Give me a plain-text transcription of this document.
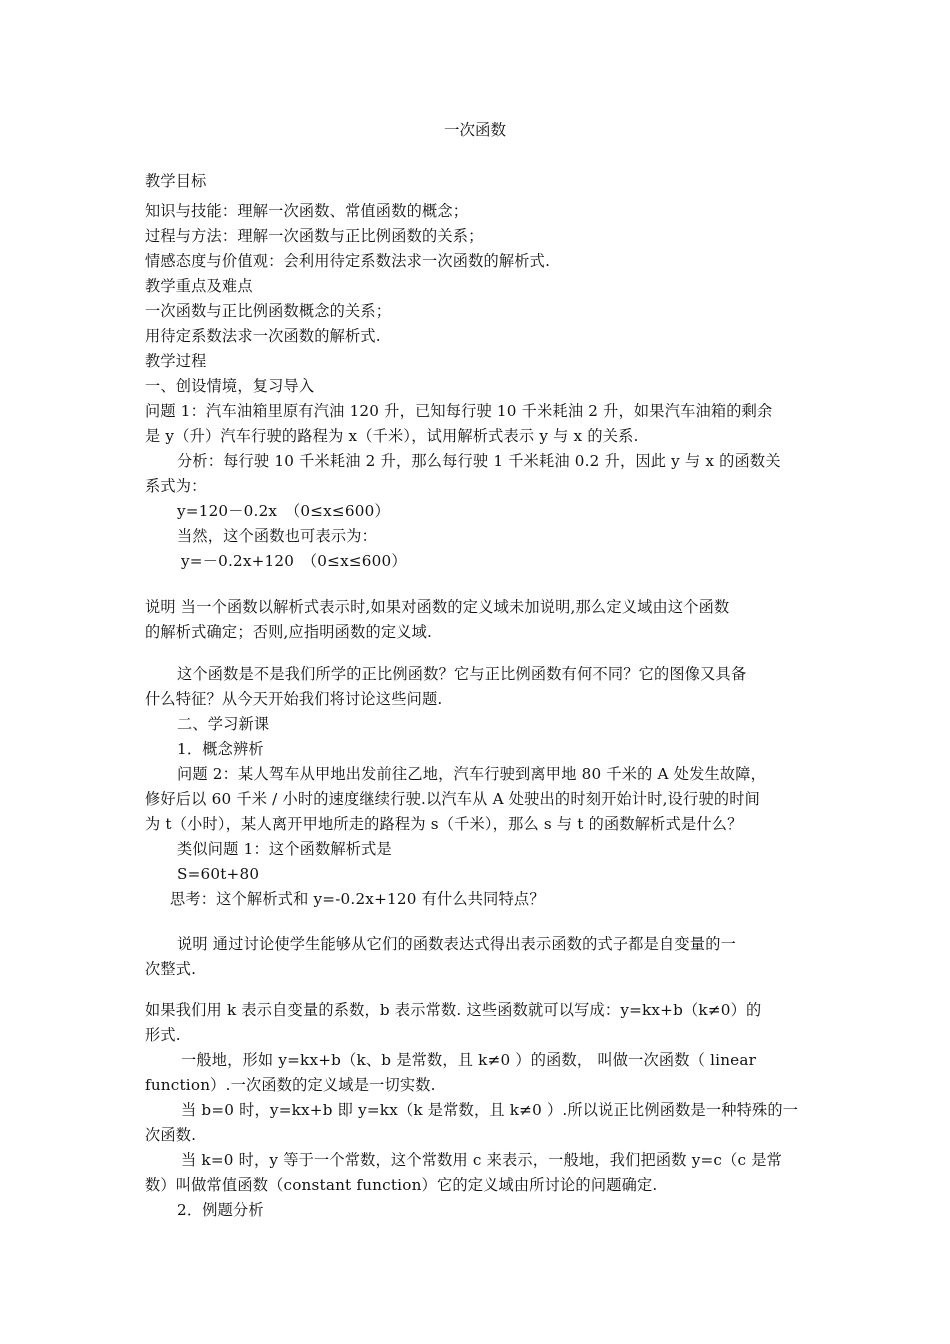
一次函数
教学目标
知识与技能：理解一次函数、常值函数的概念；
过程与方法：理解一次函数与正比例函数的关系；
情感态度与价值观：会利用待定系数法求一次函数的解析式.
教学重点及难点
一次函数与正比例函数概念的关系；
用待定系数法求一次函数的解析式.
教学过程
一、创设情境，复习导入
问题 1：汽车油箱里原有汽油 120 升，已知每行驶 10 千米耗油 2 升，如果汽车油箱的剩余
是 y（升）汽车行驶的路程为 x（千米），试用解析式表示 y 与 x 的关系.
分析：每行驶 10 千米耗油 2 升，那么每行驶 1 千米耗油 0.2 升，因此 y 与 x 的函数关
系式为：
y=120－0.2x　（0≤x≤600）
当然，这个函数也可表示为：
y=－0.2x+120　（0≤x≤600）
说明 当一个函数以解析式表示时,如果对函数的定义域未加说明,那么定义域由这个函数
的解析式确定；否则,应指明函数的定义域.
这个函数是不是我们所学的正比例函数？它与正比例函数有何不同？它的图像又具备
什么特征？从今天开始我们将讨论这些问题.
二、学习新课
1．概念辨析
问题 2：某人驾车从甲地出发前往乙地，汽车行驶到离甲地 80 千米的 A 处发生故障，
修好后以 60 千米 / 小时的速度继续行驶.以汽车从 A 处驶出的时刻开始计时,设行驶的时间
为 t（小时），某人离开甲地所走的路程为 s（千米），那么 s 与 t 的函数解析式是什么？
类似问题 1：这个函数解析式是
S=60t+80
思考：这个解析式和 y=-0.2x+120 有什么共同特点？
说明 通过讨论使学生能够从它们的函数表达式得出表示函数的式子都是自变量的一
次整式.
如果我们用 k 表示自变量的系数，b 表示常数. 这些函数就可以写成：y=kx+b（k≠0）的
形式.
一般地，形如 y=kx+b（k、b 是常数，且 k≠0 ）的函数， 叫做一次函数（ linear
function）.一次函数的定义域是一切实数.
当 b=0 时，y=kx+b 即 y=kx（k 是常数，且 k≠0 ）.所以说正比例函数是一种特殊的一
次函数.
当 k=0 时，y 等于一个常数，这个常数用 c 来表示，一般地，我们把函数 y=c（c 是常
数）叫做常值函数（constant function）它的定义域由所讨论的问题确定.
2．例题分析
